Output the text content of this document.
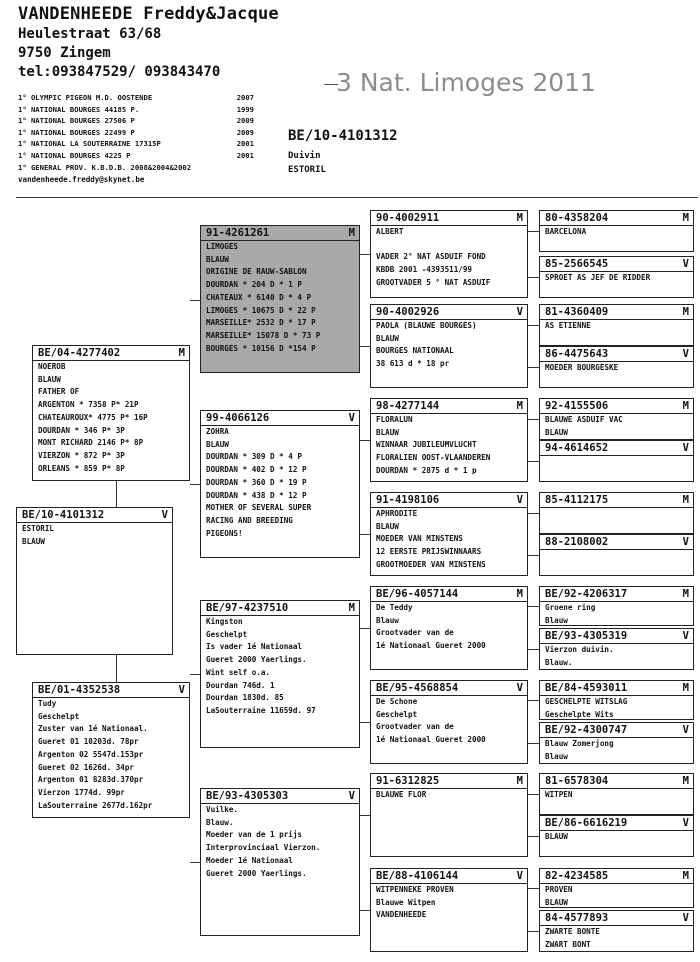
VANDENHEEDE Freddy&Jacque
Heulestraat 63/68
9750 Zingem
tel:093847529/ 093843470	3 Nat. Limoges 2011
1° OLYMPIC PIGEON M.D. OOSTENDE	2007
1° NATIONAL BOURGES 44185 P.	1999
1° NATIONAL BOURGES 27506 P	2009
1° NATIONAL BOURGES 22499 P	2009
1° NATIONAL LA SOUTERRAINE 17315P	2001
1° NATIONAL BOURGES 4225 P	2001
1° GENERAL PROV. K.B.D.B. 2008&2004&2002
vandenheede.freddy@skynet.be
BE/10-4101312
Duivin
ESTORIL
BE/10-4101312	V
ESTORIL
BLAUW
BE/04-4277402	M
NOEROB
BLAUW
FATHER OF
ARGENTON * 7358 P* 21P
CHATEAUROUX* 4775 P* 16P
DOURDAN * 346 P* 3P
MONT RICHARD 2146 P* 8P
VIERZON * 872 P* 3P
ORLEANS * 859 P* 8P
BE/01-4352538	V
Tudy
Geschelpt
Zuster van 1é Nationaal.
Gueret 01 10203d. 78pr
Argenton 02 5547d.153pr
Gueret 02 1626d. 34pr
Argenton 01 8283d.370pr
Vierzon 1774d. 99pr
LaSouterraine 2677d.162pr
91-4261261	M
LIMOGES
BLAUW
ORIGINE DE RAUW-SABLON
DOURDAN * 204 D * 1 P
CHATEAUX * 6140 D * 4 P
LIMOGES * 10675 D * 22 P
MARSEILLE* 2532 D * 17 P
MARSEILLE* 15078 D * 73 P
BOURGES * 10156 D *154 P
99-4066126	V
ZOHRA
BLAUW
DOURDAN * 309 D * 4 P
DOURDAN * 402 D * 12 P
DOURDAN * 360 D * 19 P
DOURDAN * 438 D * 12 P
MOTHER OF SEVERAL SUPER
RACING AND BREEDING
PIGEONS!
BE/97-4237510	M
Kingston
Geschelpt
Is vader 1é Nationaal
Gueret 2000 Yaerlings.
Wint self o.a.
Dourdan 746d. 1
Dourdan 1830d. 85
LaSouterraine 11659d. 97
BE/93-4305303	V
Vuilke.
Blauw.
Moeder van de 1 prijs
Interprovinciaal Vierzon.
Moeder 1é Nationaal
Gueret 2000 Yaerlings.
90-4002911	M
ALBERT

VADER 2° NAT ASDUIF FOND
KBDB 2001 -4393511/99
GROOTVADER 5 ° NAT ASDUIF
90-4002926	V
PAOLA (BLAUWE BOURGES)
BLAUW
BOURGES NATIONAAL
38 613 d * 18 pr
98-4277144	M
FLORALUN
BLAUW
WINNAAR JUBILEUMVLUCHT
FLORALIEN OOST-VLAANDEREN
DOURDAN * 2875 d * 1 p
91-4198106	V
APHRODITE
BLAUW
MOEDER VAN MINSTENS
12 EERSTE PRIJSWINNAARS
GROOTMOEDER VAN MINSTENS
BE/96-4057144	M
De Teddy
Blauw
Grootvader van de
1é Nationaal Gueret 2000
BE/95-4568854	V
De Schone
Geschelpt
Grootvader van de
1é Nationaal Gueret 2000
91-6312825	M
BLAUWE FLOR
BE/88-4106144	V
WITPENNEKE PROVEN
Blauwe Witpen
VANDENHEEDE
80-4358204	M
BARCELONA
85-2566545	V
SPROET AS JEF DE RIDDER
81-4360409	M
AS ETIENNE
86-4475643	V
MOEDER BOURGESKE
92-4155506	M
BLAUWE ASDUIF VAC
BLAUW
94-4614652	V
85-4112175	M
88-2108002	V
BE/92-4206317	M
Groene ring
Blauw
BE/93-4305319	V
Vierzon duivin.
Blauw.
BE/84-4593011	M
GESCHELPTE WITSLAG
Geschelpte Wits
BE/92-4300747	V
Blauw Zomerjong
Blauw
81-6578304	M
WITPEN
BE/86-6616219	V
BLAUW
82-4234585	M
PROVEN
BLAUW
84-4577893	V
ZWARTE BONTE
ZWART BONT
